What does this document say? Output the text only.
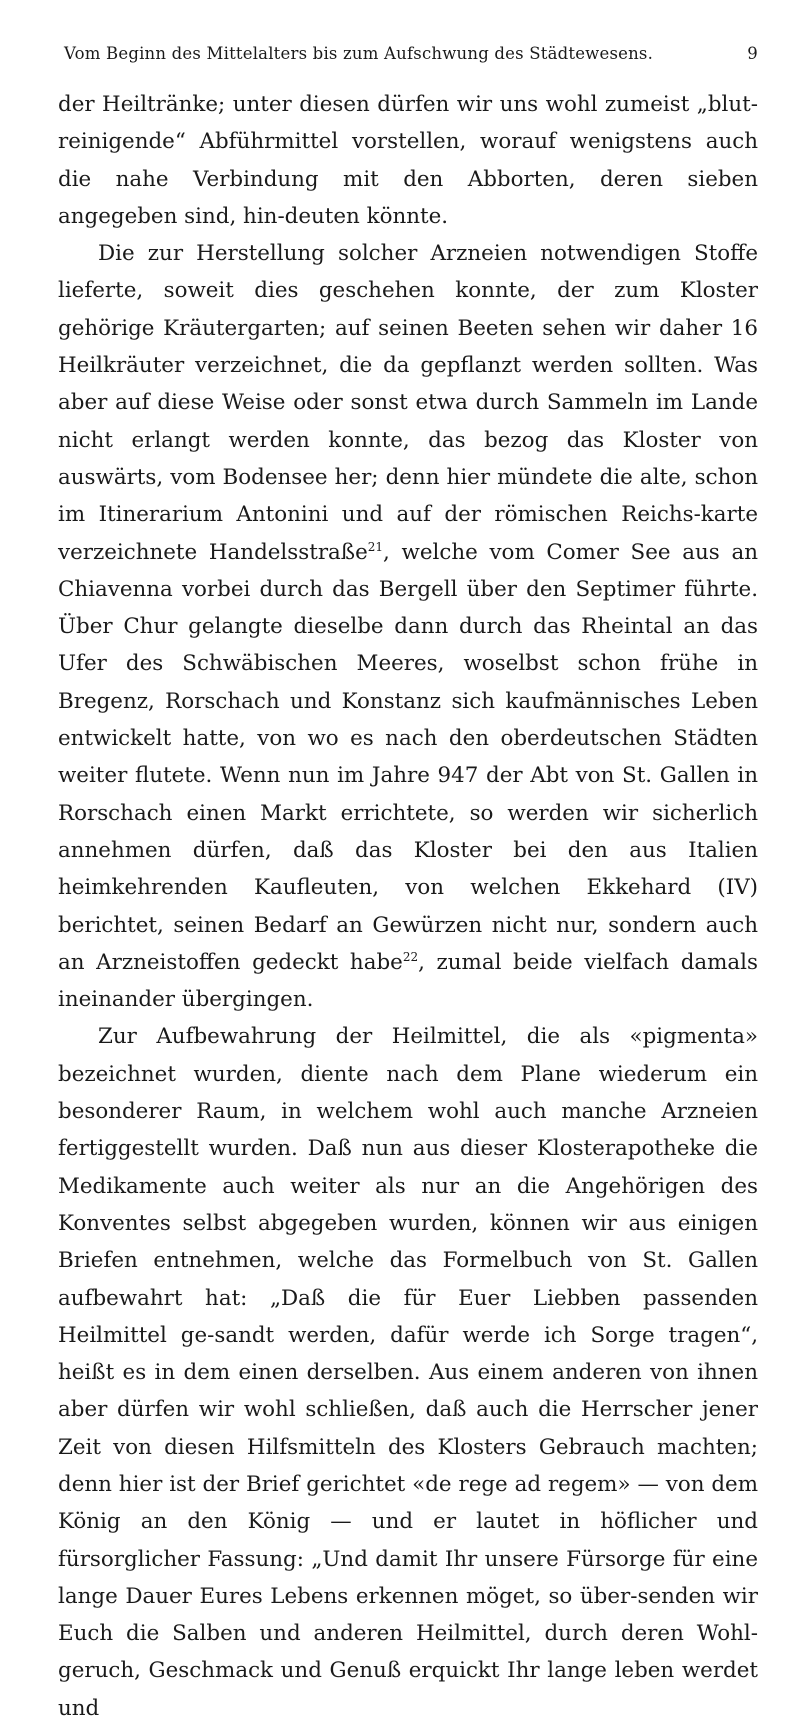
Vom Beginn des Mittelalters bis zum Aufschwung des Städtewesens.	9

der Heiltränke; unter diesen dürfen wir uns wohl zumeist „blut-reinigende“ Abführmittel vorstellen, worauf wenigstens auch die nahe Verbindung mit den Abborten, deren sieben angegeben sind, hin-deuten könnte.

Die zur Herstellung solcher Arzneien notwendigen Stoffe lieferte, soweit dies geschehen konnte, der zum Kloster gehörige Kräutergarten; auf seinen Beeten sehen wir daher 16 Heilkräuter verzeichnet, die da gepflanzt werden sollten. Was aber auf diese Weise oder sonst etwa durch Sammeln im Lande nicht erlangt werden konnte, das bezog das Kloster von auswärts, vom Bodensee her; denn hier mündete die alte, schon im Itinerarium Antonini und auf der römischen Reichs-karte verzeichnete Handelsstraße$^{21}$, welche vom Comer See aus an Chiavenna vorbei durch das Bergell über den Septimer führte. Über Chur gelangte dieselbe dann durch das Rheintal an das Ufer des Schwäbischen Meeres, woselbst schon frühe in Bregenz, Rorschach und Konstanz sich kaufmännisches Leben entwickelt hatte, von wo es nach den oberdeutschen Städten weiter flutete. Wenn nun im Jahre 947 der Abt von St. Gallen in Rorschach einen Markt errichtete, so werden wir sicherlich annehmen dürfen, daß das Kloster bei den aus Italien heimkehrenden Kaufleuten, von welchen Ekkehard (IV) berichtet, seinen Bedarf an Gewürzen nicht nur, sondern auch an Arzneistoffen gedeckt habe$^{22}$, zumal beide vielfach damals ineinander übergingen.

Zur Aufbewahrung der Heilmittel, die als «pigmenta» bezeichnet wurden, diente nach dem Plane wiederum ein besonderer Raum, in welchem wohl auch manche Arzneien fertiggestellt wurden. Daß nun aus dieser Klosterapotheke die Medikamente auch weiter als nur an die Angehörigen des Konventes selbst abgegeben wurden, können wir aus einigen Briefen entnehmen, welche das Formelbuch von St. Gallen aufbewahrt hat: „Daß die für Euer Liebben passenden Heilmittel ge-sandt werden, dafür werde ich Sorge tragen“, heißt es in dem einen derselben. Aus einem anderen von ihnen aber dürfen wir wohl schließen, daß auch die Herrscher jener Zeit von diesen Hilfsmitteln des Klosters Gebrauch machten; denn hier ist der Brief gerichtet «de rege ad regem» — von dem König an den König — und er lautet in höflicher und fürsorglicher Fassung: „Und damit Ihr unsere Fürsorge für eine lange Dauer Eures Lebens erkennen möget, so über-senden wir Euch die Salben und anderen Heilmittel, durch deren Wohl-geruch, Geschmack und Genuß erquickt Ihr lange leben werdet und
